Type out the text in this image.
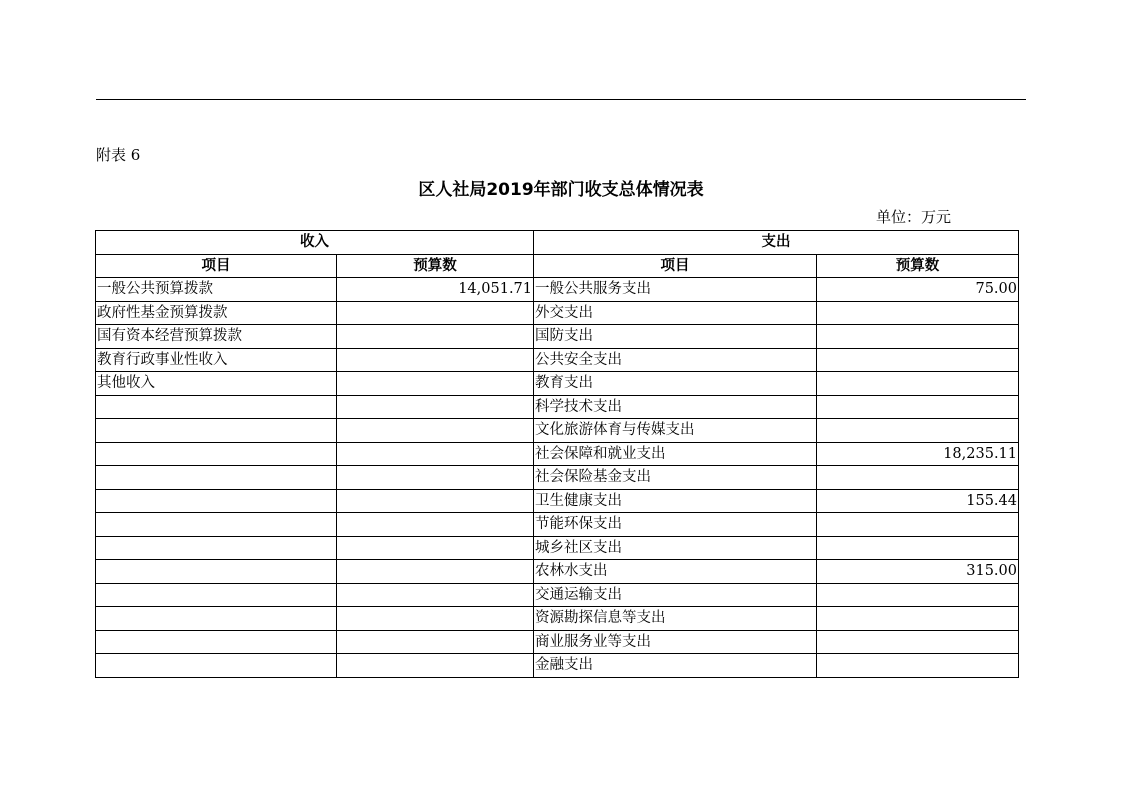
附表 6
区人社局2019年部门收支总体情况表
单位：万元
收入		支出	
项目	预算数	项目	预算数
一般公共预算拨款	14,051.71	一般公共服务支出	75.00
政府性基金预算拨款		外交支出	
国有资本经营预算拨款		国防支出	
教育行政事业性收入		公共安全支出	
其他收入		教育支出	
		科学技术支出	
		文化旅游体育与传媒支出	
		社会保障和就业支出	18,235.11
		社会保险基金支出	
		卫生健康支出	155.44
		节能环保支出	
		城乡社区支出	
		农林水支出	315.00
		交通运输支出	
		资源勘探信息等支出	
		商业服务业等支出	
		金融支出	
